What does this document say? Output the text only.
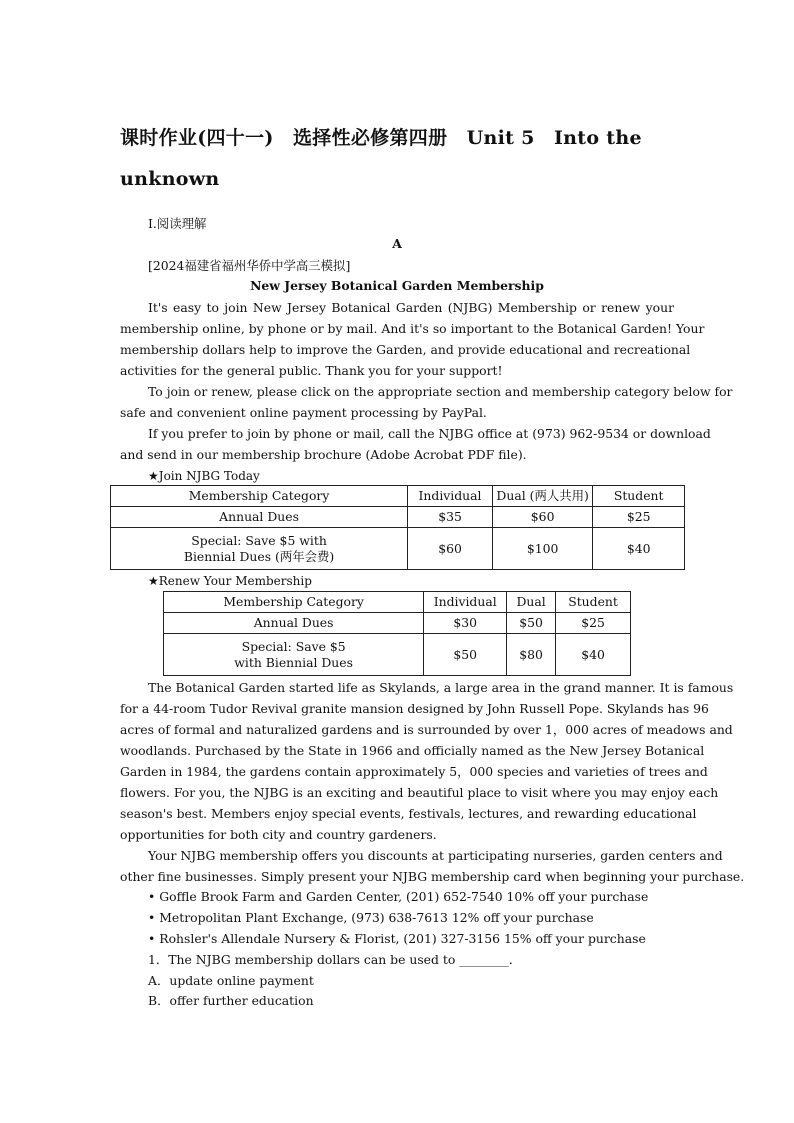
课时作业(四十一)　选择性必修第四册　Unit 5　Into the
unknown
Ⅰ.阅读理解
A
[2024福建省福州华侨中学高三模拟]
New Jersey Botanical Garden Membership
It's easy to join New Jersey Botanical Garden (NJBG) Membership or renew your
membership online, by phone or by mail. And it's so important to the Botanical Garden! Your
membership dollars help to improve the Garden, and provide educational and recreational
activities for the general public. Thank you for your support!
To join or renew, please click on the appropriate section and membership category below for
safe and convenient online payment processing by PayPal.
If you prefer to join by phone or mail, call the NJBG office at (973) 962-9534 or download
and send in our membership brochure (Adobe Acrobat PDF file).
★Join NJBG Today
Membership Category	Individual	Dual (两人共用)	Student
Annual Dues	$35	$60	$25

Special: Save $5 with
Biennial Dues (两年会费)	$60	$100	$40
★Renew Your Membership
Membership Category	Individual	Dual	Student
Annual Dues	$30	$50	$25

Special: Save $5
with Biennial Dues	$50	$80	$40
The Botanical Garden started life as Skylands, a large area in the grand manner. It is famous
for a 44-room Tudor Revival granite mansion designed by John Russell Pope. Skylands has 96
acres of formal and naturalized gardens and is surrounded by over 1，000 acres of meadows and
woodlands. Purchased by the State in 1966 and officially named as the New Jersey Botanical
Garden in 1984, the gardens contain approximately 5，000 species and varieties of trees and
flowers. For you, the NJBG is an exciting and beautiful place to visit where you may enjoy each
season's best. Members enjoy special events, festivals, lectures, and rewarding educational
opportunities for both city and country gardeners.
Your NJBG membership offers you discounts at participating nurseries, garden centers and
other fine businesses. Simply present your NJBG membership card when beginning your purchase.
• Goffle Brook Farm and Garden Center, (201) 652-7540 10% off your purchase
• Metropolitan Plant Exchange, (973) 638-7613 12% off your purchase
• Rohsler's Allendale Nursery & Florist, (201) 327-3156 15% off your purchase
1．The NJBG membership dollars can be used to ________．
A．update online payment
B．offer further education
